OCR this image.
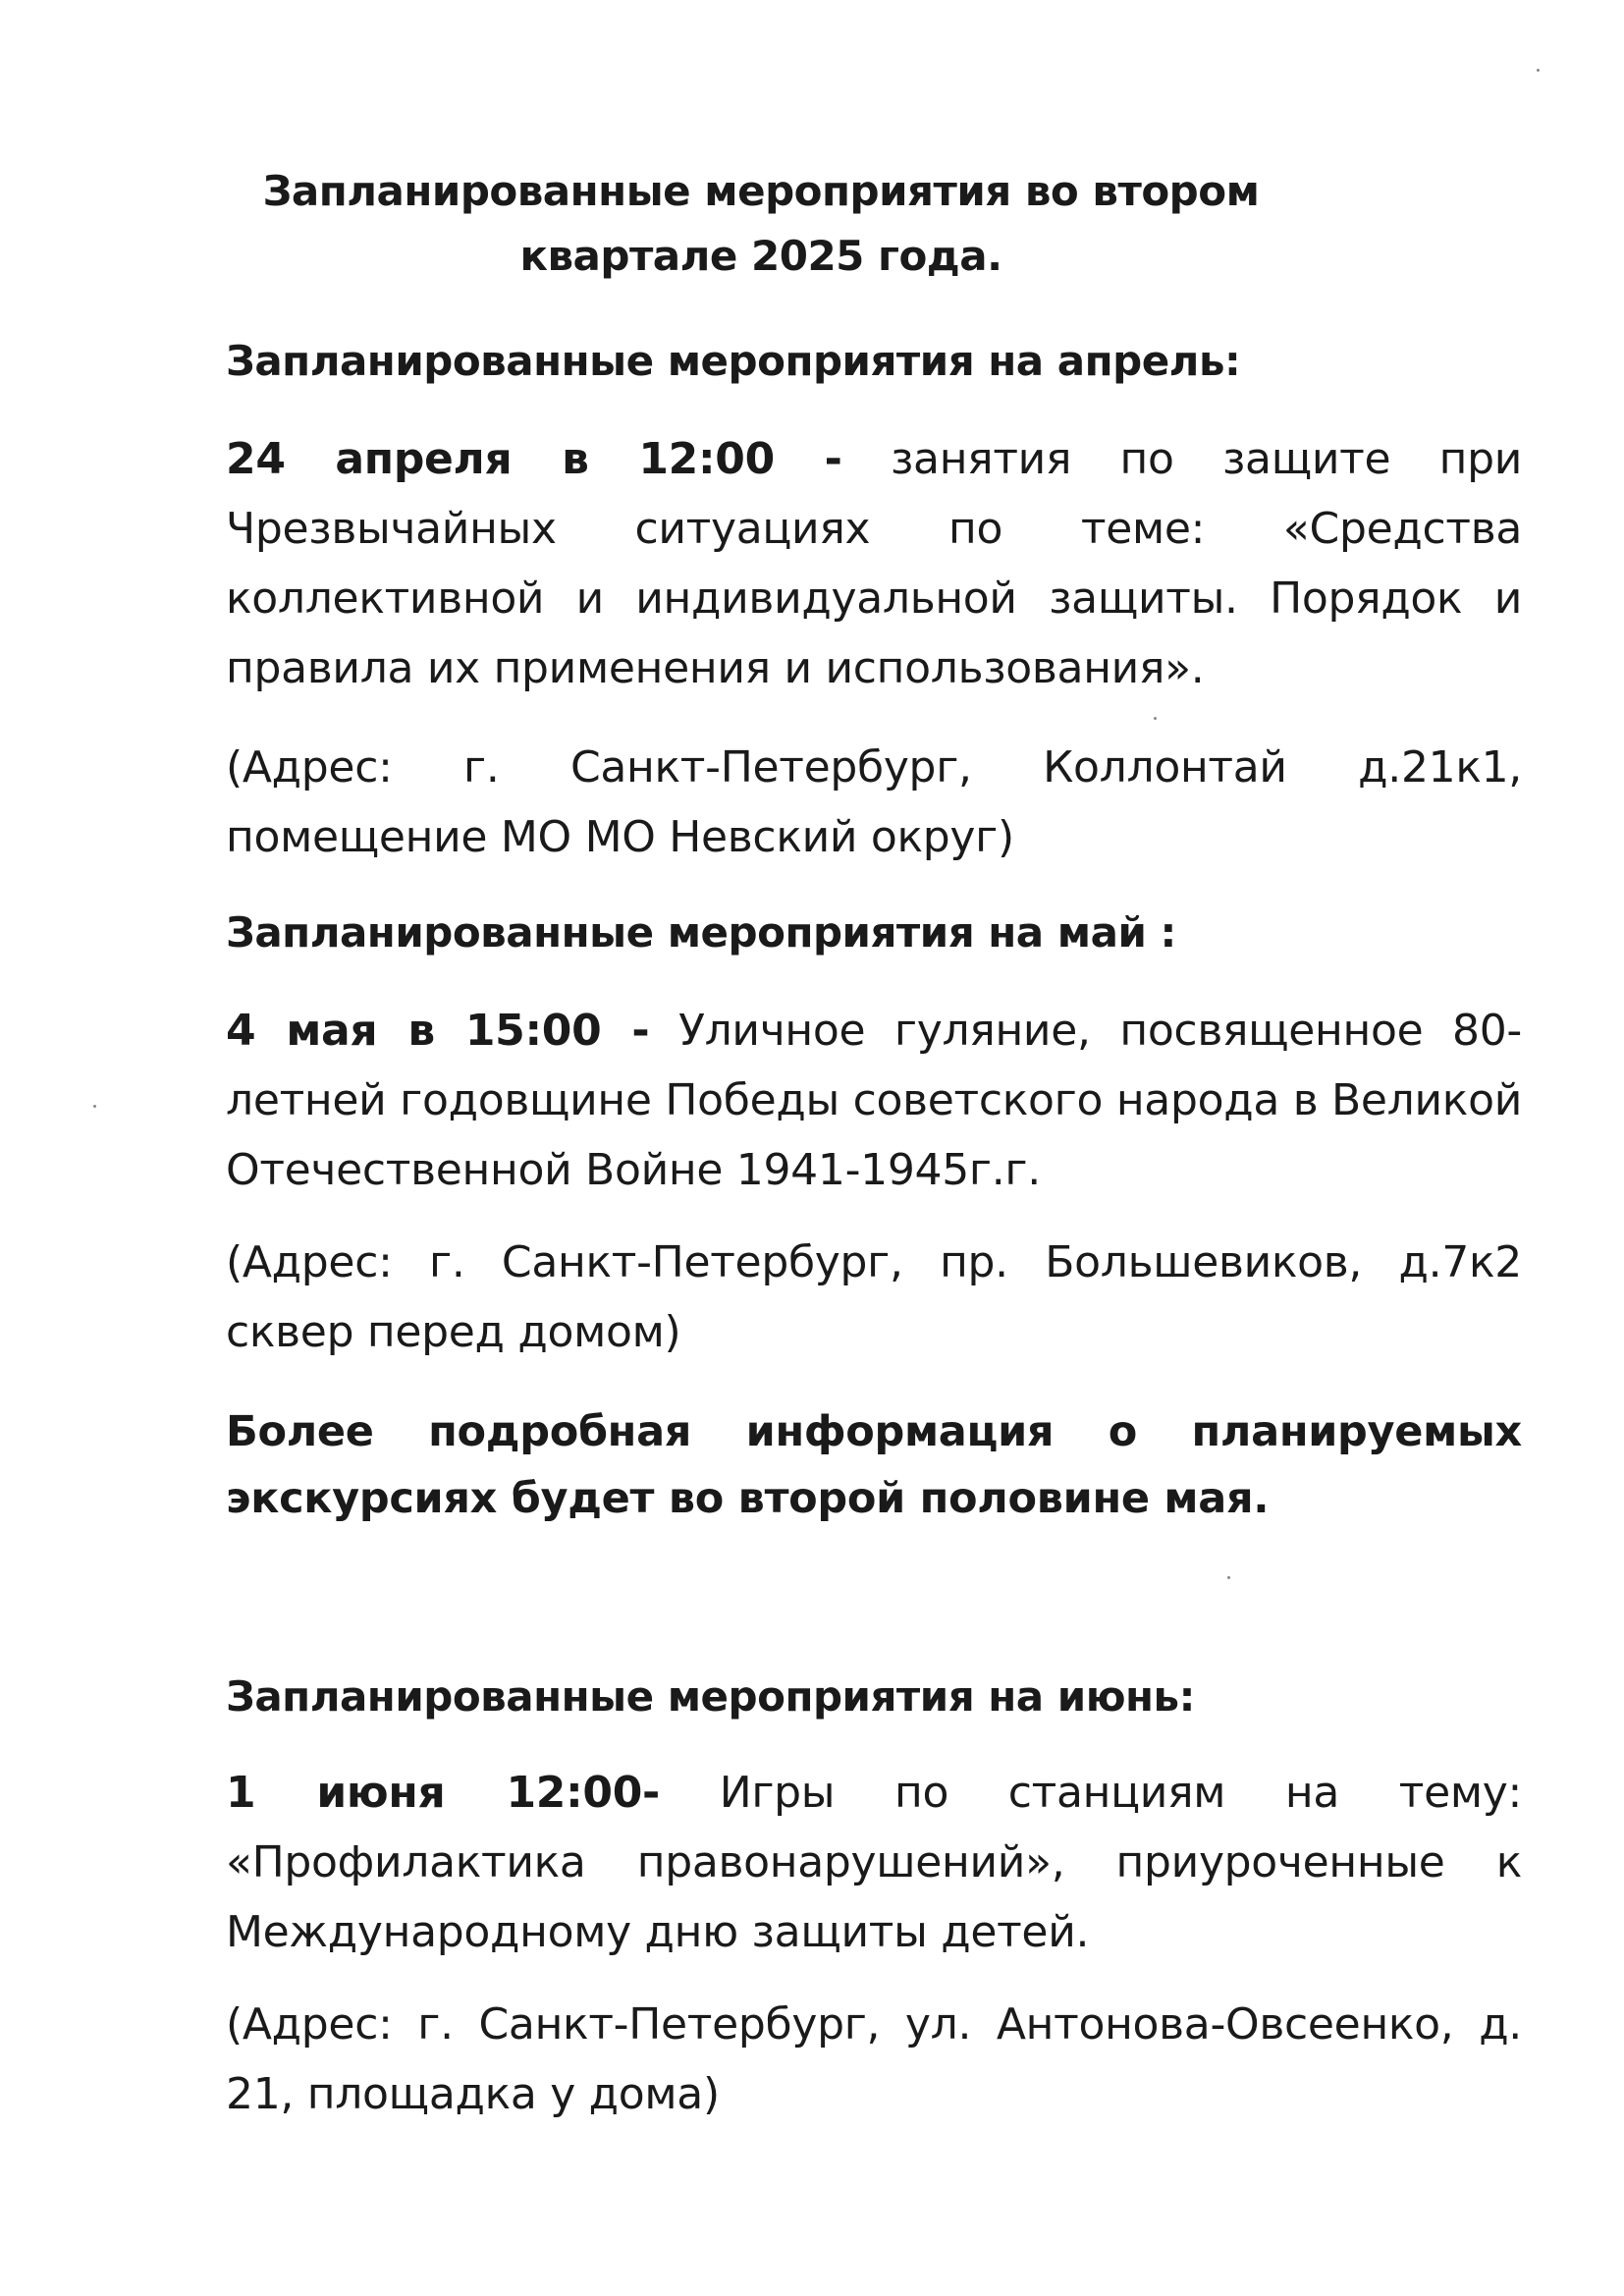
Запланированные мероприятия во втором
квартале 2025 года.
Запланированные мероприятия на апрель:
24 апреля в 12:00 - занятия по защите при Чрезвычайных ситуациях по теме: «Средства коллективной и индивидуальной защиты. Порядок и правила их применения и использования».
(Адрес: г. Санкт-Петербург, Коллонтай д.21к1, помещение МО МО Невский округ)
Запланированные мероприятия на май :
4 мая в 15:00 - Уличное гуляние, посвященное 80-летней годовщине Победы советского народа в Великой Отечественной Войне 1941-1945г.г.
(Адрес: г. Санкт-Петербург, пр. Большевиков, д.7к2 сквер перед домом)
Более подробная информация о планируемых экскурсиях будет во второй половине мая.
Запланированные мероприятия на июнь:
1 июня 12:00- Игры по станциям на тему: «Профилактика правонарушений», приуроченные к Международному дню защиты детей.
(Адрес: г. Санкт-Петербург, ул. Антонова-Овсеенко, д. 21, площадка у дома)
